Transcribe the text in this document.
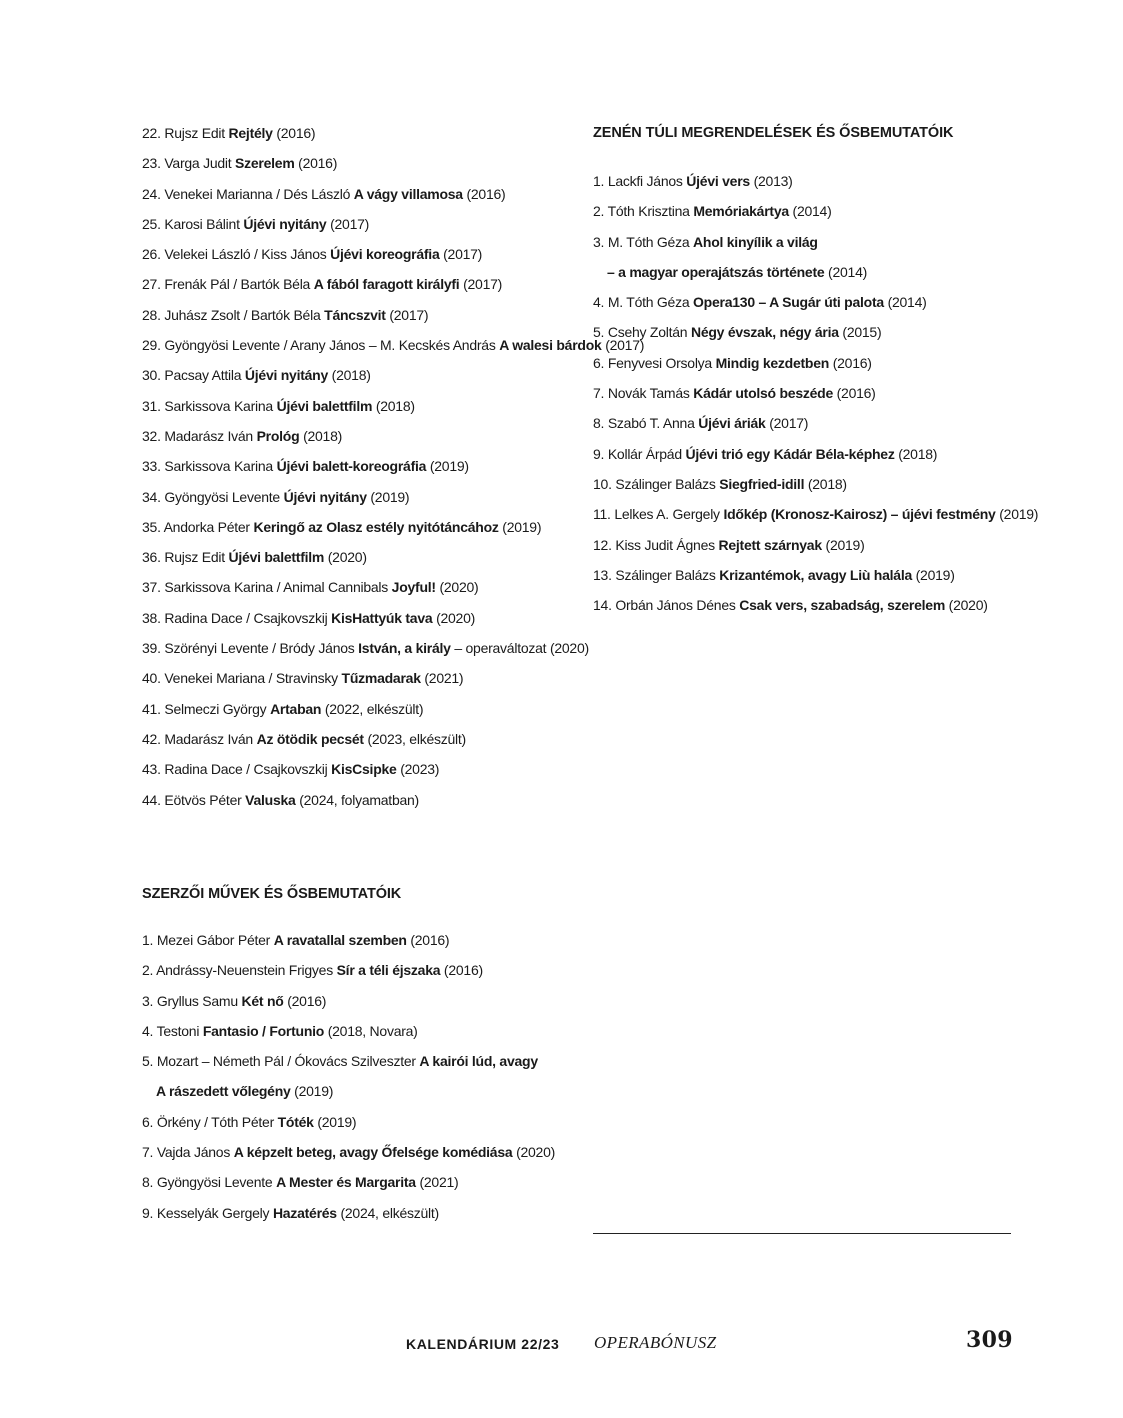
22. Rujsz Edit Rejtély (2016)
23. Varga Judit Szerelem (2016)
24. Venekei Marianna / Dés László A vágy villamosa (2016)
25. Karosi Bálint Újévi nyitány (2017)
26. Velekei László / Kiss János Újévi koreográfia (2017)
27. Frenák Pál / Bartók Béla A fából faragott királyfi (2017)
28. Juhász Zsolt / Bartók Béla Táncszvit (2017)
29. Gyöngyösi Levente / Arany János – M. Kecskés András A walesi bárdok (2017)
30. Pacsay Attila Újévi nyitány (2018)
31. Sarkissova Karina Újévi balettfilm (2018)
32. Madarász Iván Prológ (2018)
33. Sarkissova Karina Újévi balett-koreográfia (2019)
34. Gyöngyösi Levente Újévi nyitány (2019)
35. Andorka Péter Keringő az Olasz estély nyitótáncához (2019)
36. Rujsz Edit Újévi balettfilm (2020)
37. Sarkissova Karina / Animal Cannibals Joyful! (2020)
38. Radina Dace / Csajkovszkij KisHattyúk tava (2020)
39. Szörényi Levente / Bródy János István, a király – operaváltozat (2020)
40. Venekei Mariana / Stravinsky Tűzmadarak (2021)
41. Selmeczi György Artaban (2022, elkészült)
42. Madarász Iván Az ötödik pecsét (2023, elkészült)
43. Radina Dace / Csajkovszkij KisCsipke (2023)
44. Eötvös Péter Valuska (2024, folyamatban)
SZERZŐI MŰVEK ÉS ŐSBEMUTATÓIK
1. Mezei Gábor Péter A ravatallal szemben (2016)
2. Andrássy-Neuenstein Frigyes Sír a téli éjszaka (2016)
3. Gryllus Samu Két nő (2016)
4. Testoni Fantasio / Fortunio (2018, Novara)
5. Mozart – Németh Pál / Ókovács Szilveszter A kairói lúd, avagy
A rászedett vőlegény (2019)
6. Örkény / Tóth Péter Tóték (2019)
7. Vajda János A képzelt beteg, avagy Őfelsége komédiása (2020)
8. Gyöngyösi Levente A Mester és Margarita (2021)
9. Kesselyák Gergely Hazatérés (2024, elkészült)
ZENÉN TÚLI MEGRENDELÉSEK ÉS ŐSBEMUTATÓIK
1. Lackfi János Újévi vers (2013)
2. Tóth Krisztina Memóriakártya (2014)
3. M. Tóth Géza Ahol kinyílik a világ
– a magyar operajátszás története (2014)
4. M. Tóth Géza Opera130 – A Sugár úti palota (2014)
5. Csehy Zoltán Négy évszak, négy ária (2015)
6. Fenyvesi Orsolya Mindig kezdetben (2016)
7. Novák Tamás Kádár utolsó beszéde (2016)
8. Szabó T. Anna Újévi áriák (2017)
9. Kollár Árpád Újévi trió egy Kádár Béla-képhez (2018)
10. Szálinger Balázs Siegfried-idill (2018)
11. Lelkes A. Gergely Időkép (Kronosz-Kairosz) – újévi festmény (2019)
12. Kiss Judit Ágnes Rejtett szárnyak (2019)
13. Szálinger Balázs Krizantémok, avagy Liù halála (2019)
14. Orbán János Dénes Csak vers, szabadság, szerelem (2020)
KALENDÁRIUM 22/23 OPERABÓNUSZ	309
